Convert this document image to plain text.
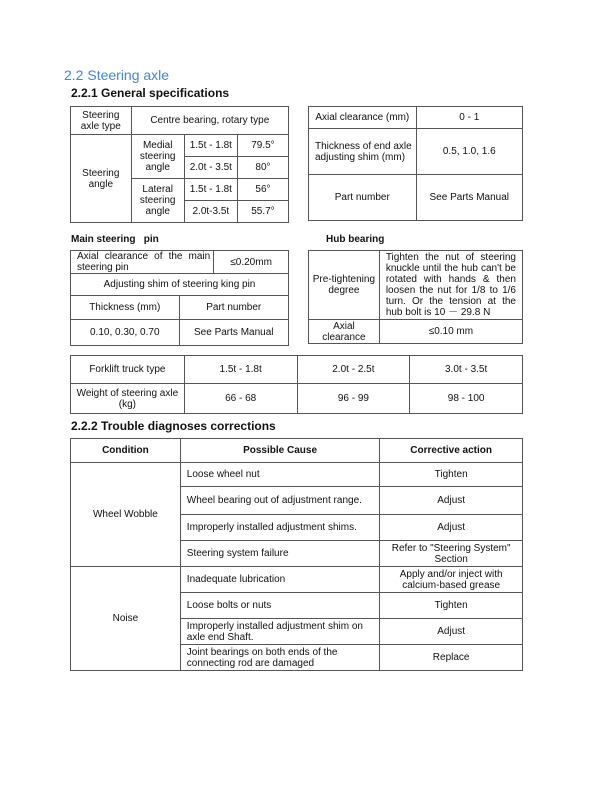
2.2 Steering axle
2.2.1 General specifications
Steering axle type	Centre bearing, rotary type		
Steering angle	Medial steering angle	1.5t - 1.8t	79.5°
		2.0t - 3.5t	80°
	Lateral steering angle	1.5t - 1.8t	56°
		2.0t-3.5t	55.7°
Axial clearance (mm)	0 - 1
Thickness of end axle adjusting shim (mm)	0.5, 1.0, 1.6
Part number	See Parts Manual
Main steering   pin	Hub bearing
Axial clearance of the main steering pin		≤0.20mm
Adjusting shim of steering king pin		
Thickness (mm)	Part number	
0.10, 0.30, 0.70	See Parts Manual	
Pre-tightening degree	Tighten the nut of steering knuckle until the hub can't be rotated with hands & then loosen the nut for 1/8 to 1/6 turn. Or the tension at the hub bolt is 10 － 29.8 N
Axial clearance	≤0.10 mm
Forklift truck type	1.5t - 1.8t	2.0t - 2.5t	3.0t - 3.5t
Weight of steering axle (kg)	66 - 68	96 - 99	98 - 100
2.2.2 Trouble diagnoses corrections
Condition	Possible Cause	Corrective action
Wheel Wobble	Loose wheel nut	Tighten
	Wheel bearing out of adjustment range.	Adjust
	Improperly installed adjustment shims.	Adjust
	Steering system failure	Refer to "Steering System" Section
Noise	Inadequate lubrication	Apply and/or inject with calcium-based grease
	Loose bolts or nuts	Tighten
	Improperly installed adjustment shim on axle end Shaft.	Adjust
	Joint bearings on both ends of the connecting rod are damaged	Replace
